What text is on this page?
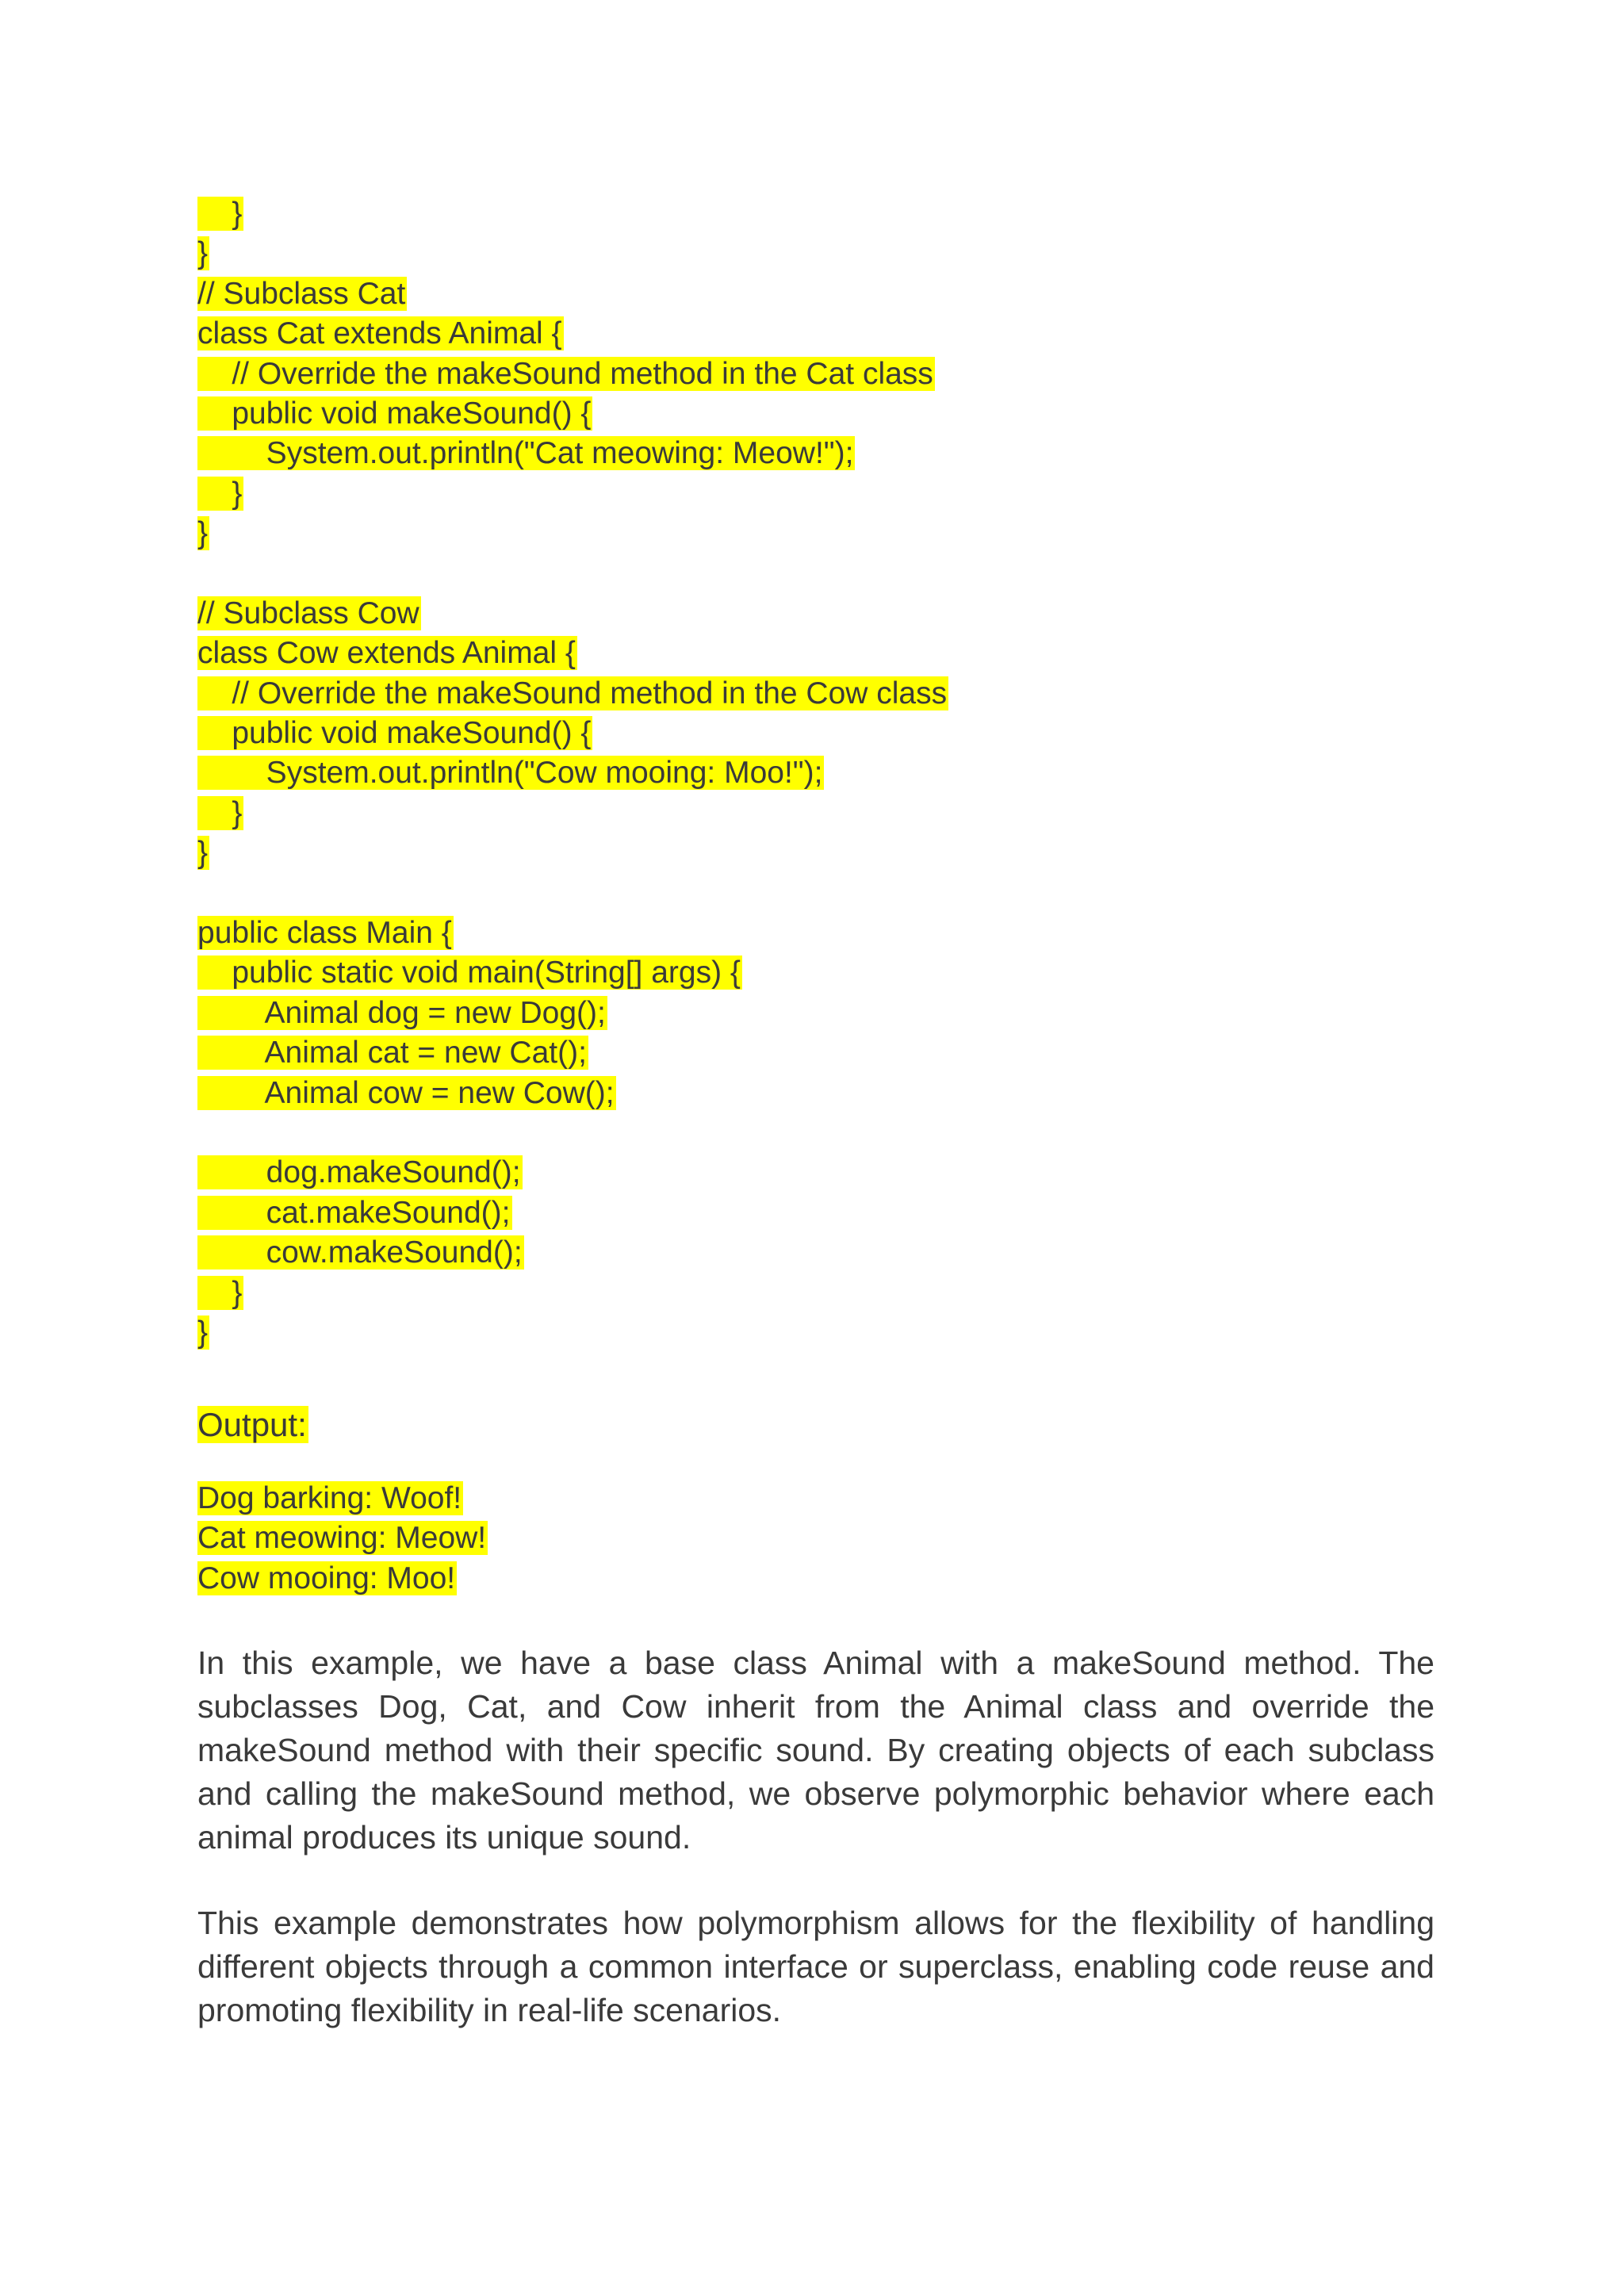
}
}
// Subclass Cat
class Cat extends Animal {
// Override the makeSound method in the Cat class
public void makeSound() {
System.out.println("Cat meowing: Meow!");
}
}
// Subclass Cow
class Cow extends Animal {
// Override the makeSound method in the Cow class
public void makeSound() {
System.out.println("Cow mooing: Moo!");
}
}
public class Main {
public static void main(String[] args) {
Animal dog = new Dog();
Animal cat = new Cat();
Animal cow = new Cow();
dog.makeSound();
cat.makeSound();
cow.makeSound();
}
}
Output:
Dog barking: Woof!
Cat meowing: Meow!
Cow mooing: Moo!

In this example, we have a base class Animal with a makeSound method. The subclasses Dog, Cat, and Cow inherit from the Animal class and override the makeSound method with their specific sound. By creating objects of each subclass and calling the makeSound method, we observe polymorphic behavior where each animal produces its unique sound.

This example demonstrates how polymorphism allows for the flexibility of handling different objects through a common interface or superclass, enabling code reuse and promoting flexibility in real-life scenarios.
